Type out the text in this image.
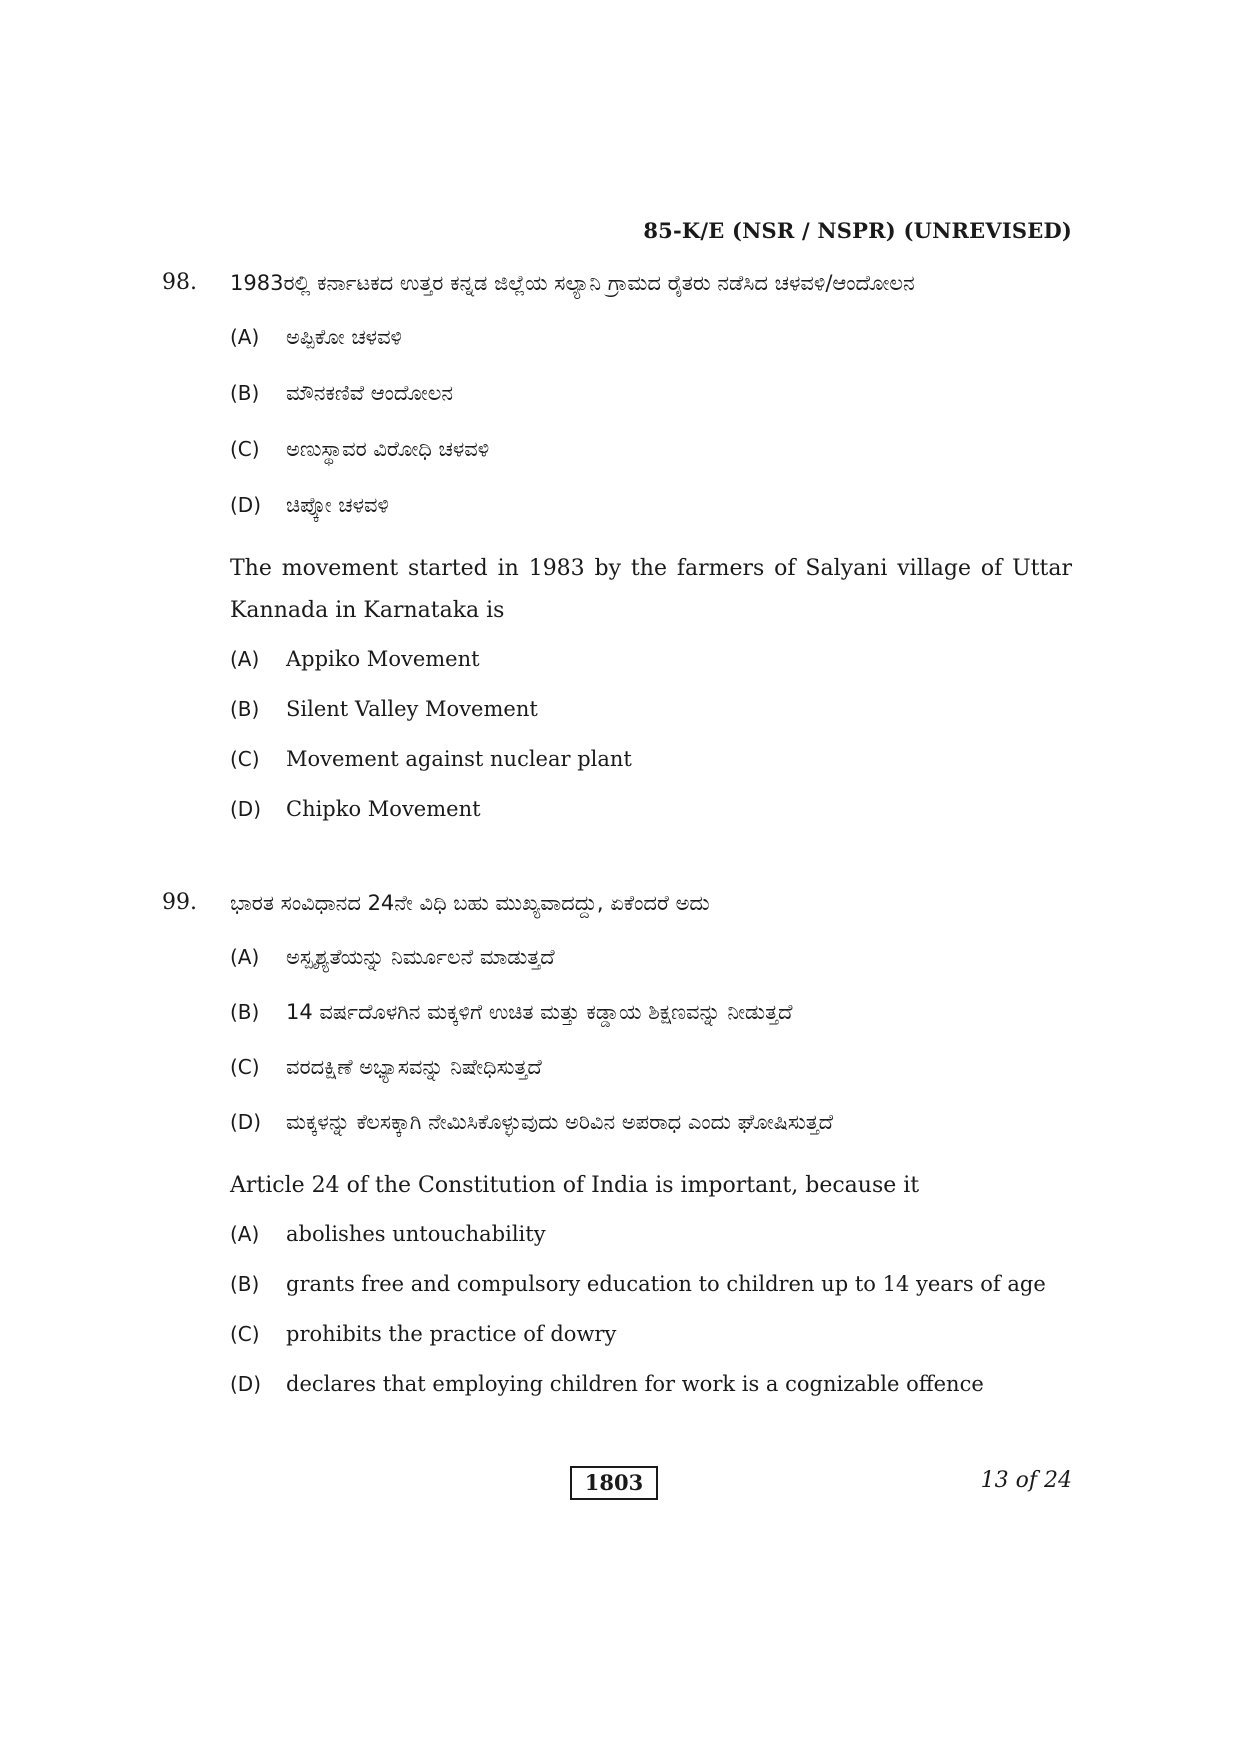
85-K/E (NSR / NSPR) (UNREVISED)
98. 1983ರಲ್ಲಿ ಕರ್ನಾಟಕದ ಉತ್ತರ ಕನ್ನಡ ಜಿಲ್ಲೆಯ ಸಲ್ಯಾನಿ ಗ್ರಾಮದ ರೈತರು ನಡೆಸಿದ ಚಳವಳಿ/ಆಂದೋಲನ
(A)	ಅಪ್ಪಿಕೋ ಚಳವಳಿ
(B)	ಮೌನಕಣಿವೆ ಆಂದೋಲನ
(C)	ಅಣುಸ್ಥಾವರ ವಿರೋಧಿ ಚಳವಳಿ
(D)	ಚಿಪ್ಕೋ ಚಳವಳಿ
The movement started in 1983 by the farmers of Salyani village of Uttar Kannada in Karnataka is
(A)	Appiko Movement
(B)	Silent Valley Movement
(C)	Movement against nuclear plant
(D)	Chipko Movement
99. ಭಾರತ ಸಂವಿಧಾನದ 24ನೇ ವಿಧಿ ಬಹು ಮುಖ್ಯವಾದದ್ದು, ಏಕೆಂದರೆ ಅದು
(A)	ಅಸ್ಪೃಶ್ಯತೆಯನ್ನು ನಿರ್ಮೂಲನೆ ಮಾಡುತ್ತದೆ
(B)	14 ವರ್ಷದೊಳಗಿನ ಮಕ್ಕಳಿಗೆ ಉಚಿತ ಮತ್ತು ಕಡ್ಡಾಯ ಶಿಕ್ಷಣವನ್ನು ನೀಡುತ್ತದೆ
(C)	ವರದಕ್ಷಿಣೆ ಅಭ್ಯಾಸವನ್ನು ನಿಷೇಧಿಸುತ್ತದೆ
(D)	ಮಕ್ಕಳನ್ನು ಕೆಲಸಕ್ಕಾಗಿ ನೇಮಿಸಿಕೊಳ್ಳುವುದು ಅರಿವಿನ ಅಪರಾಧ ಎಂದು ಘೋಷಿಸುತ್ತದೆ
Article 24 of the Constitution of India is important, because it
(A)	abolishes untouchability
(B)	grants free and compulsory education to children up to 14 years of age
(C)	prohibits the practice of dowry
(D)	declares that employing children for work is a cognizable offence
1803	13 of 24
